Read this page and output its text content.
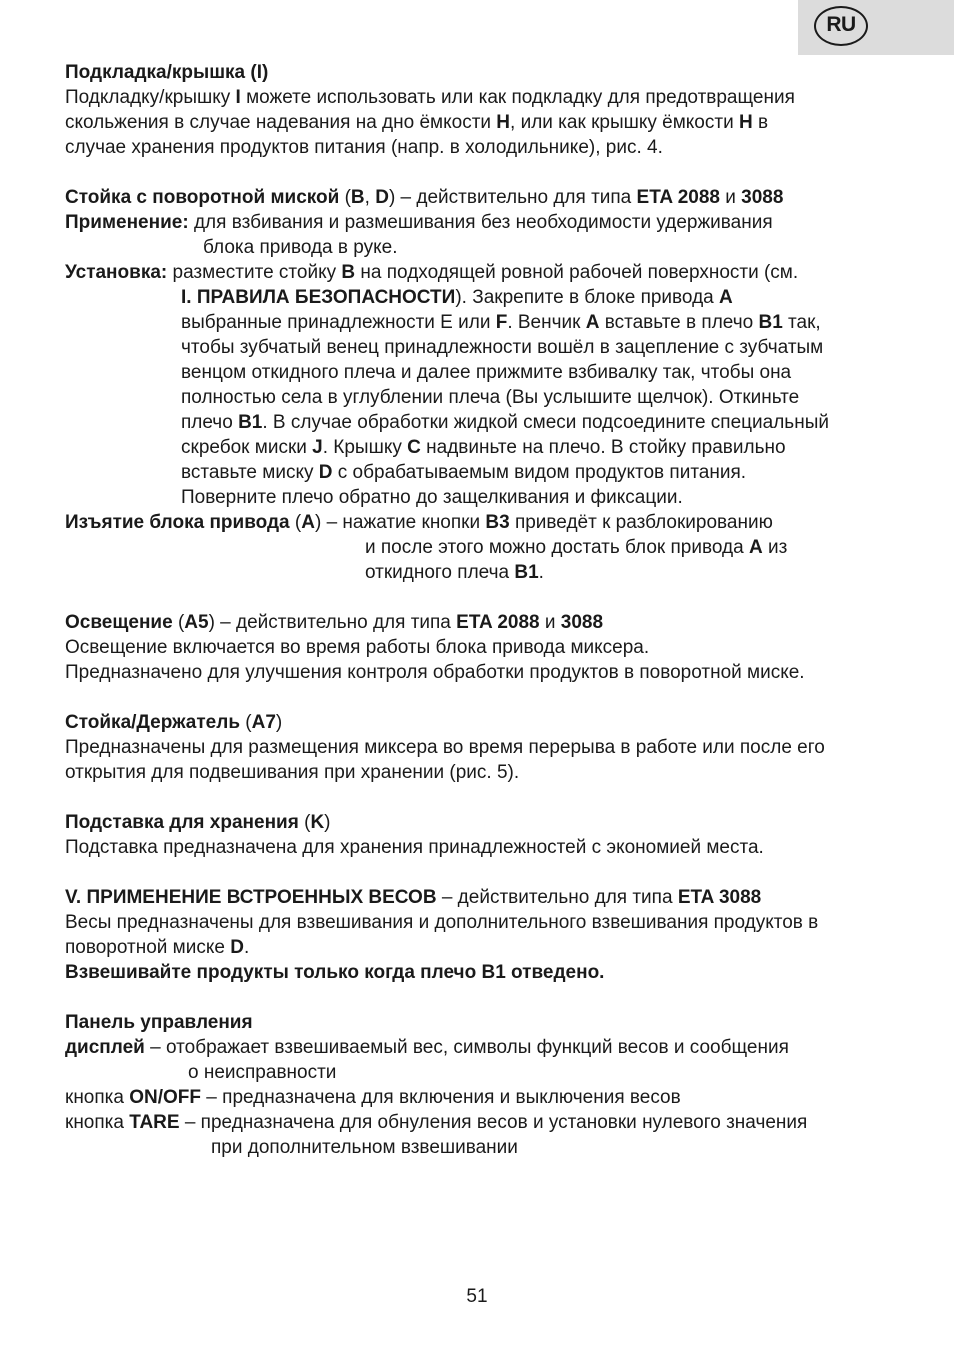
RU
Подкладка/крышка (I)
Подкладку/крышку I можете использовать или как подкладку для предотвращения
скольжения в случае надевания на дно ёмкости H, или как крышку ёмкости H в
случае хранения продуктов питания (напр. в холодильнике), рис. 4.
Стойка с поворотной миской (B, D) – действительно для типа ETA 2088 и 3088
Применение: для взбивания и размешивания без необходимости удерживания
блока привода в руке.
Установка: разместите стойку B на подходящей ровной рабочей поверхности (см.
I. ПРАВИЛА БЕЗОПАСНОСТИ). Закрепите в блоке привода A
выбранные принадлежности E или F. Венчик A вставьте в плечо B1 так,
чтобы зубчатый венец принадлежности вошёл в зацепление с зубчатым
венцом откидного плеча и далее прижмите взбивалку так, чтобы она
полностью села в углублении плеча (Вы услышите щелчок). Откиньте
плечо B1. В случае обработки жидкой смеси подсоедините специальный
скребок миски J. Крышку C надвиньте на плечо. В стойку правильно
вставьте миску D с обрабатываемым видом продуктов питания.
Поверните плечо обратно до защелкивания и фиксации.
Изъятие блока привода (A) – нажатие кнопки B3 приведёт к разблокированию
и после этого можно достать блок привода A из
откидного плеча B1.
Освещение (A5) – действительно для типа ETA 2088 и 3088
Освещение включается во время работы блока привода миксера.
Предназначено для улучшения контроля обработки продуктов в поворотной миске.
Стойка/Держатель (A7)
Предназначены для размещения миксера во время перерыва в работе или после его
открытия для подвешивания при хранении (рис. 5).
Подставка для хранения (K)
Подставка предназначена для хранения принадлежностей с экономией места.
V. ПРИМЕНЕНИЕ ВСТРОЕННЫХ ВЕСОВ – действительно для типа ETA 3088
Весы предназначены для взвешивания и дополнительного взвешивания продуктов в
поворотной миске D.
Взвешивайте продукты только когда плечо B1 отведено.
Панель управления
дисплей – отображает взвешиваемый вес, символы функций весов и сообщения
о неисправности
кнопка ON/OFF – предназначена для включения и выключения весов
кнопка TARE – предназначена для обнуления весов и установки нулевого значения
при дополнительном взвешивании
51
